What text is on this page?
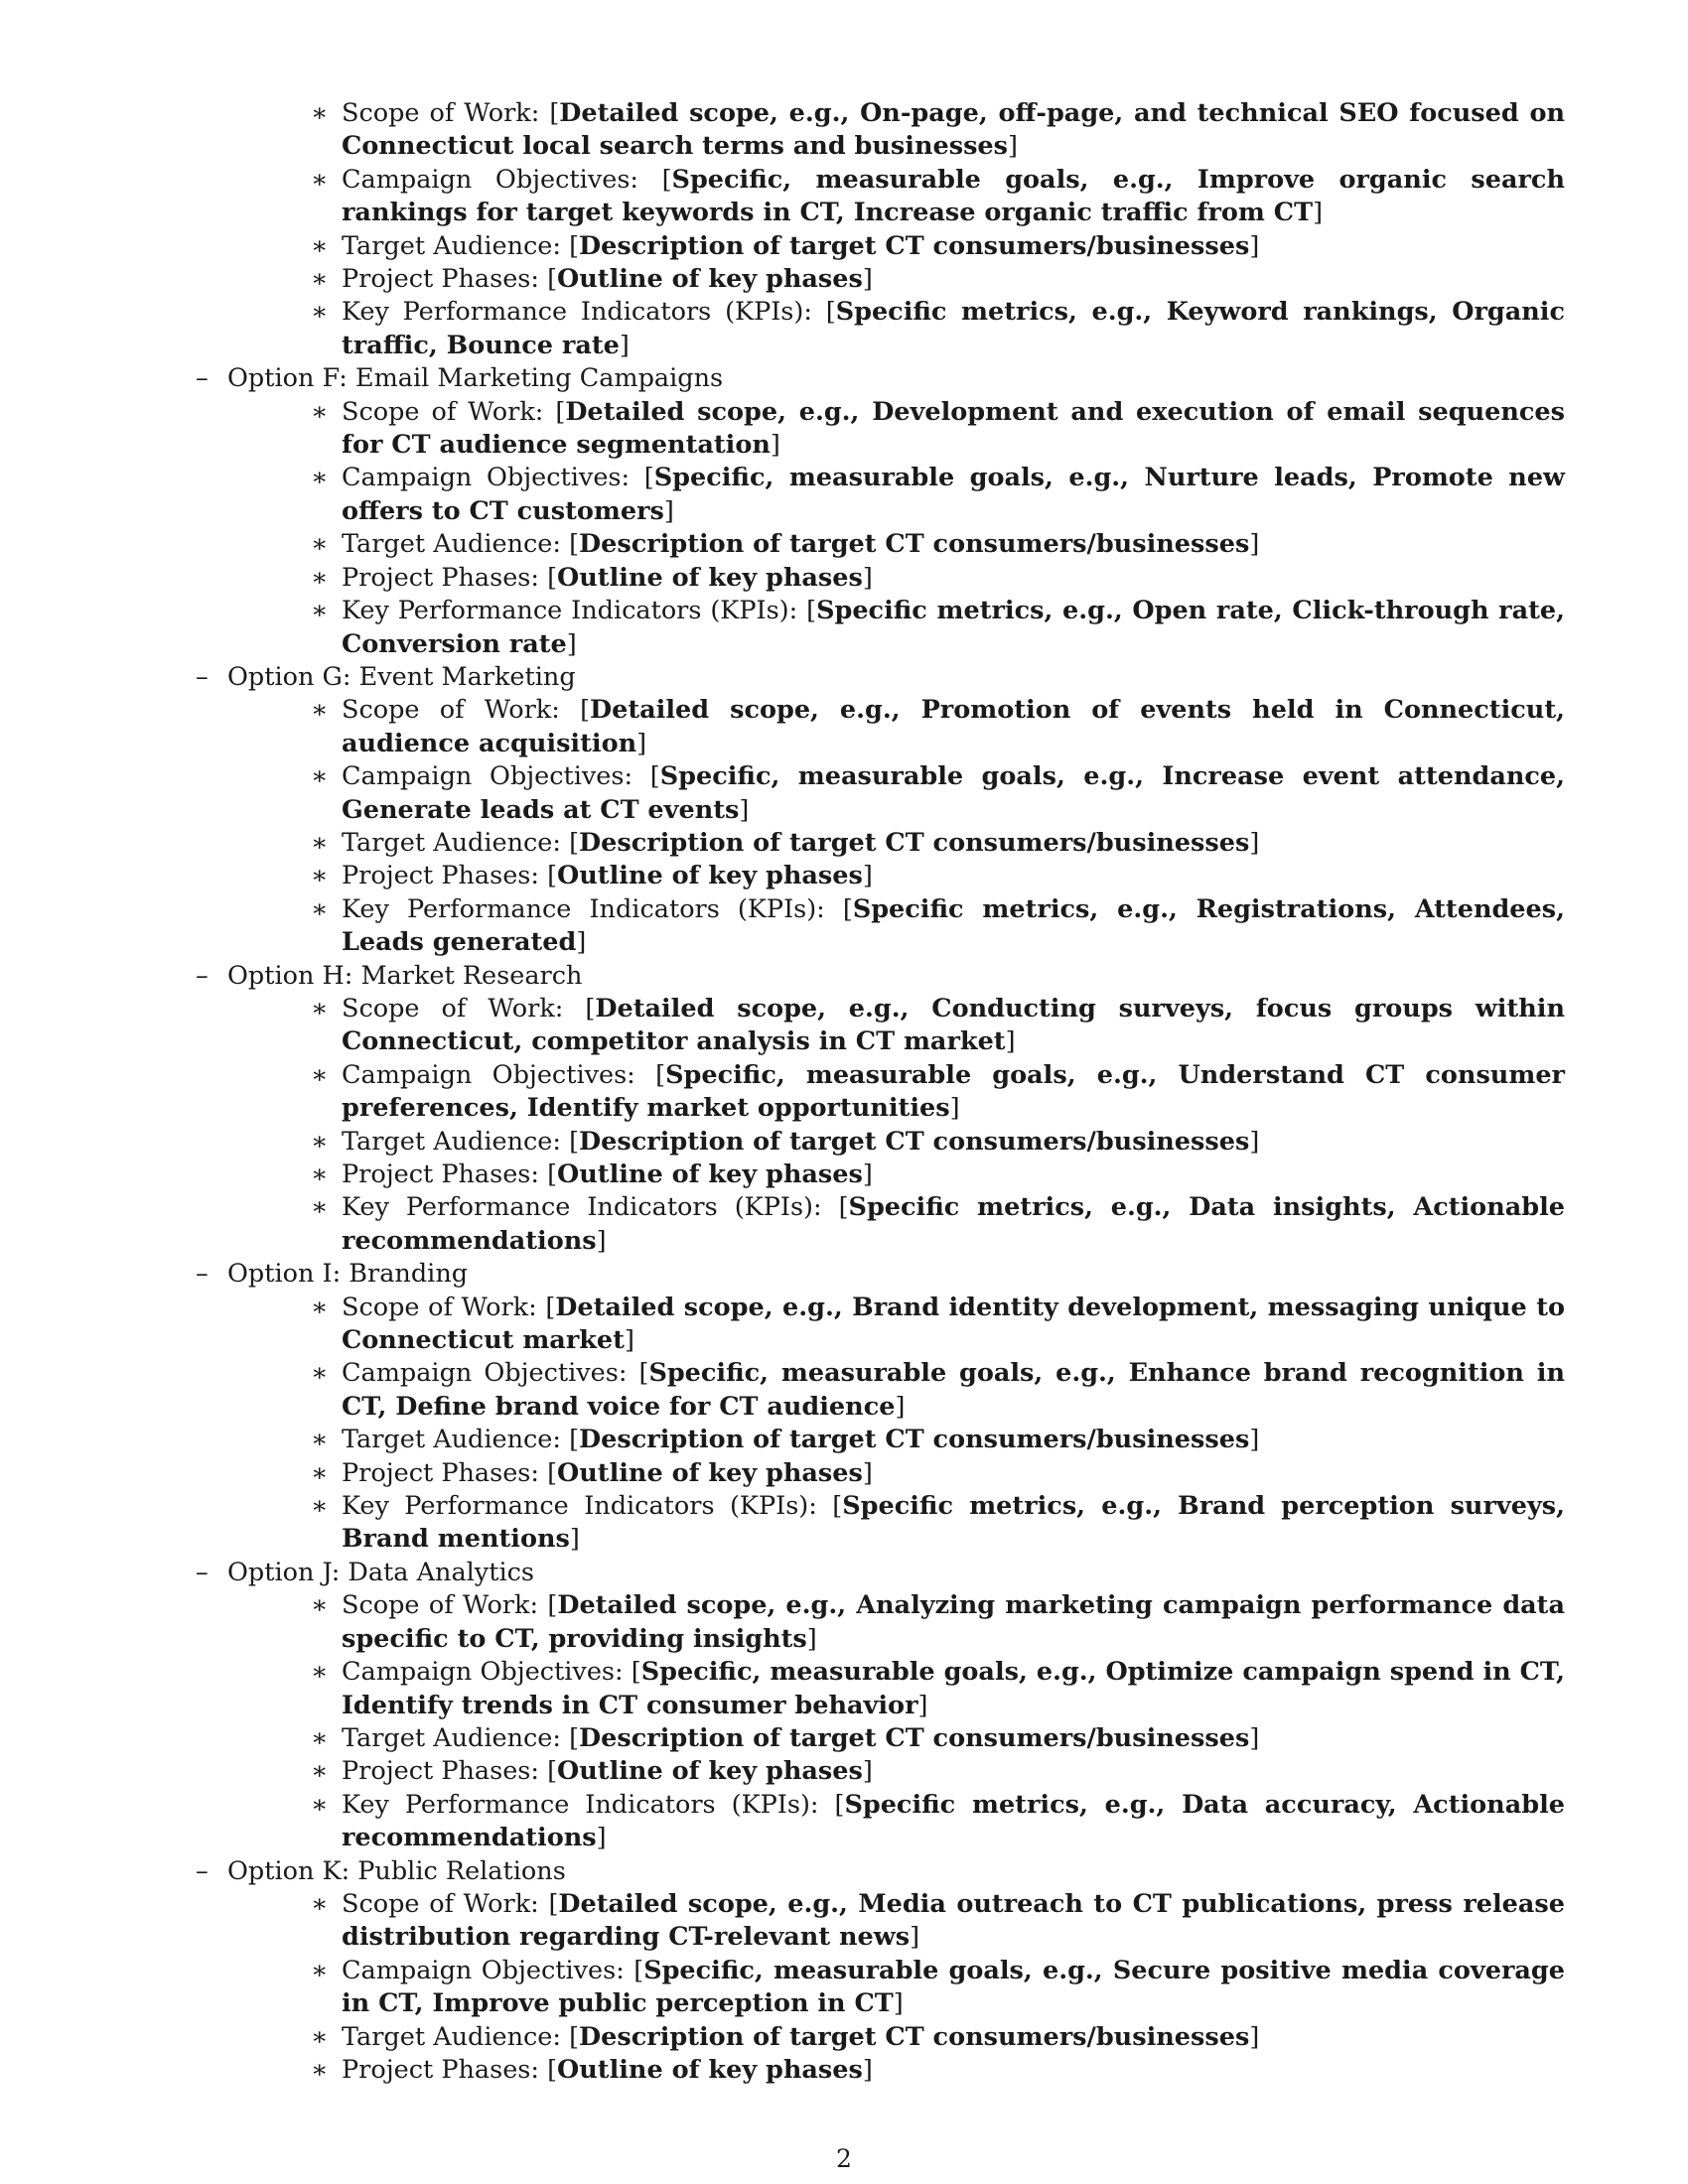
∗ Scope of Work: [Detailed scope, e.g., On-page, off-page, and technical SEO focused on Connecticut local search terms and businesses]
∗ Campaign Objectives: [Specific, measurable goals, e.g., Improve organic search rankings for target keywords in CT, Increase organic traffic from CT]
∗ Target Audience: [Description of target CT consumers/businesses]
∗ Project Phases: [Outline of key phases]
∗ Key Performance Indicators (KPIs): [Specific metrics, e.g., Keyword rankings, Organic traffic, Bounce rate]
– Option F: Email Marketing Campaigns
∗ Scope of Work: [Detailed scope, e.g., Development and execution of email sequences for CT audience segmentation]
∗ Campaign Objectives: [Specific, measurable goals, e.g., Nurture leads, Promote new offers to CT customers]
∗ Target Audience: [Description of target CT consumers/businesses]
∗ Project Phases: [Outline of key phases]
∗ Key Performance Indicators (KPIs): [Specific metrics, e.g., Open rate, Click-through rate, Conversion rate]
– Option G: Event Marketing
∗ Scope of Work: [Detailed scope, e.g., Promotion of events held in Connecticut, audience acquisition]
∗ Campaign Objectives: [Specific, measurable goals, e.g., Increase event attendance, Generate leads at CT events]
∗ Target Audience: [Description of target CT consumers/businesses]
∗ Project Phases: [Outline of key phases]
∗ Key Performance Indicators (KPIs): [Specific metrics, e.g., Registrations, Attendees, Leads generated]
– Option H: Market Research
∗ Scope of Work: [Detailed scope, e.g., Conducting surveys, focus groups within Connecticut, competitor analysis in CT market]
∗ Campaign Objectives: [Specific, measurable goals, e.g., Understand CT consumer preferences, Identify market opportunities]
∗ Target Audience: [Description of target CT consumers/businesses]
∗ Project Phases: [Outline of key phases]
∗ Key Performance Indicators (KPIs): [Specific metrics, e.g., Data insights, Actionable recommendations]
– Option I: Branding
∗ Scope of Work: [Detailed scope, e.g., Brand identity development, messaging unique to Connecticut market]
∗ Campaign Objectives: [Specific, measurable goals, e.g., Enhance brand recognition in CT, Define brand voice for CT audience]
∗ Target Audience: [Description of target CT consumers/businesses]
∗ Project Phases: [Outline of key phases]
∗ Key Performance Indicators (KPIs): [Specific metrics, e.g., Brand perception surveys, Brand mentions]
– Option J: Data Analytics
∗ Scope of Work: [Detailed scope, e.g., Analyzing marketing campaign performance data specific to CT, providing insights]
∗ Campaign Objectives: [Specific, measurable goals, e.g., Optimize campaign spend in CT, Identify trends in CT consumer behavior]
∗ Target Audience: [Description of target CT consumers/businesses]
∗ Project Phases: [Outline of key phases]
∗ Key Performance Indicators (KPIs): [Specific metrics, e.g., Data accuracy, Actionable recommendations]
– Option K: Public Relations
∗ Scope of Work: [Detailed scope, e.g., Media outreach to CT publications, press release distribution regarding CT-relevant news]
∗ Campaign Objectives: [Specific, measurable goals, e.g., Secure positive media coverage in CT, Improve public perception in CT]
∗ Target Audience: [Description of target CT consumers/businesses]
∗ Project Phases: [Outline of key phases]
2
